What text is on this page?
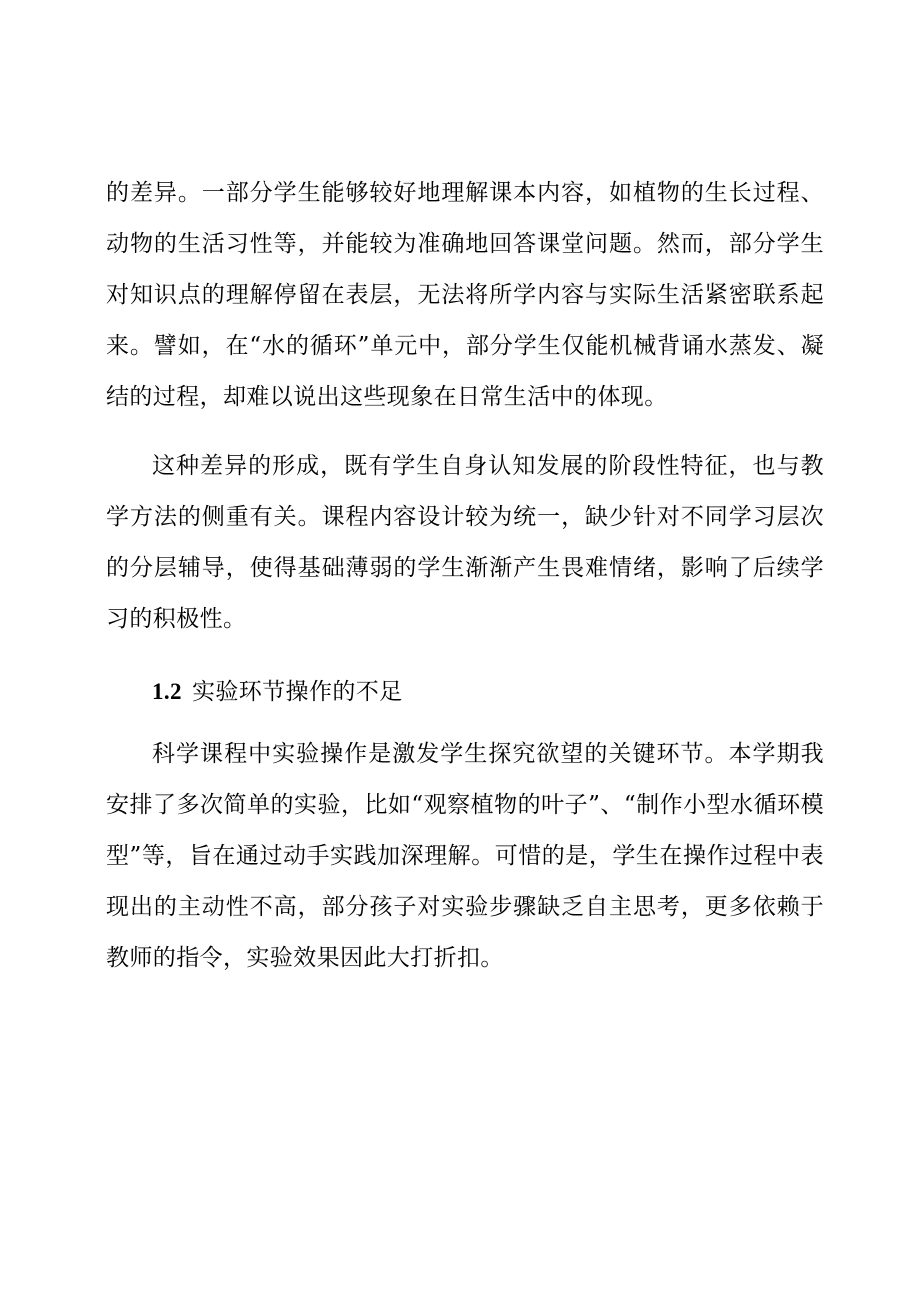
的差异。一部分学生能够较好地理解课本内容，如植物的生长过程、动物的生活习性等，并能较为准确地回答课堂问题。然而，部分学生对知识点的理解停留在表层，无法将所学内容与实际生活紧密联系起来。譬如，在“水的循环”单元中，部分学生仅能机械背诵水蒸发、凝结的过程，却难以说出这些现象在日常生活中的体现。

这种差异的形成，既有学生自身认知发展的阶段性特征，也与教学方法的侧重有关。课程内容设计较为统一，缺少针对不同学习层次的分层辅导，使得基础薄弱的学生渐渐产生畏难情绪，影响了后续学习的积极性。

1.2 实验环节操作的不足

科学课程中实验操作是激发学生探究欲望的关键环节。本学期我安排了多次简单的实验，比如“观察植物的叶子”、“制作小型水循环模型”等，旨在通过动手实践加深理解。可惜的是，学生在操作过程中表现出的主动性不高，部分孩子对实验步骤缺乏自主思考，更多依赖于教师的指令，实验效果因此大打折扣。
